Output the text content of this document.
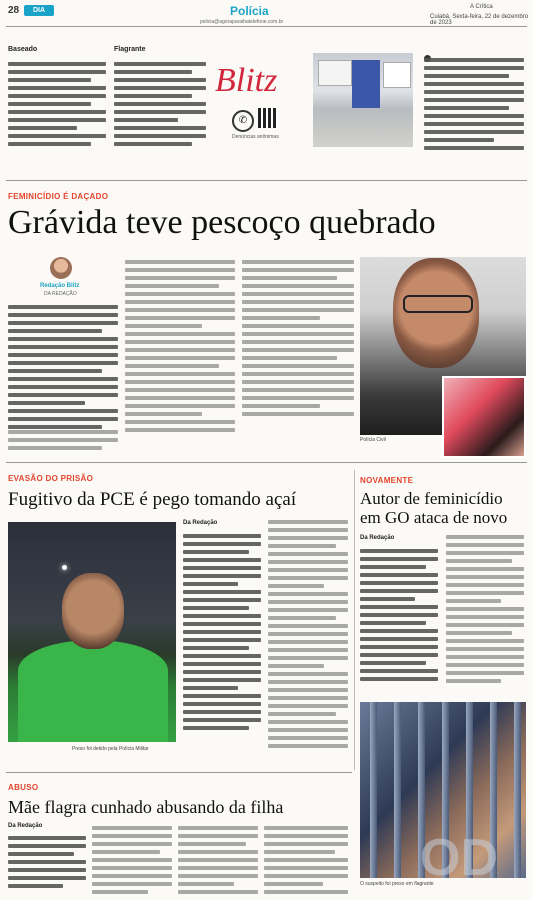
28	DIA	Polícia
policia@agoraparaibatelefone.com.br
A Crítica
Cuiabá, Sexta-feira, 22 de dezembro de 2023
Baseado	Flagrante
Blitz
✆
Denúncias anônimas
FEMINICÍDIO É DAÇADO
Grávida teve pescoço quebrado
Redação Blitz
DA REDAÇÃO
Polícia Civil
EVASÃO DO PRISÃO
Fugitivo da PCE é pego tomando açaí
Preso foi detido pela Polícia Militar
Da Redação
NOVAMENTE
Autor de feminicídio
em GO ataca de novo
Da Redação
OD
O suspeito foi preso em flagrante
ABUSO
Mãe flagra cunhado abusando da filha
Da Redação
